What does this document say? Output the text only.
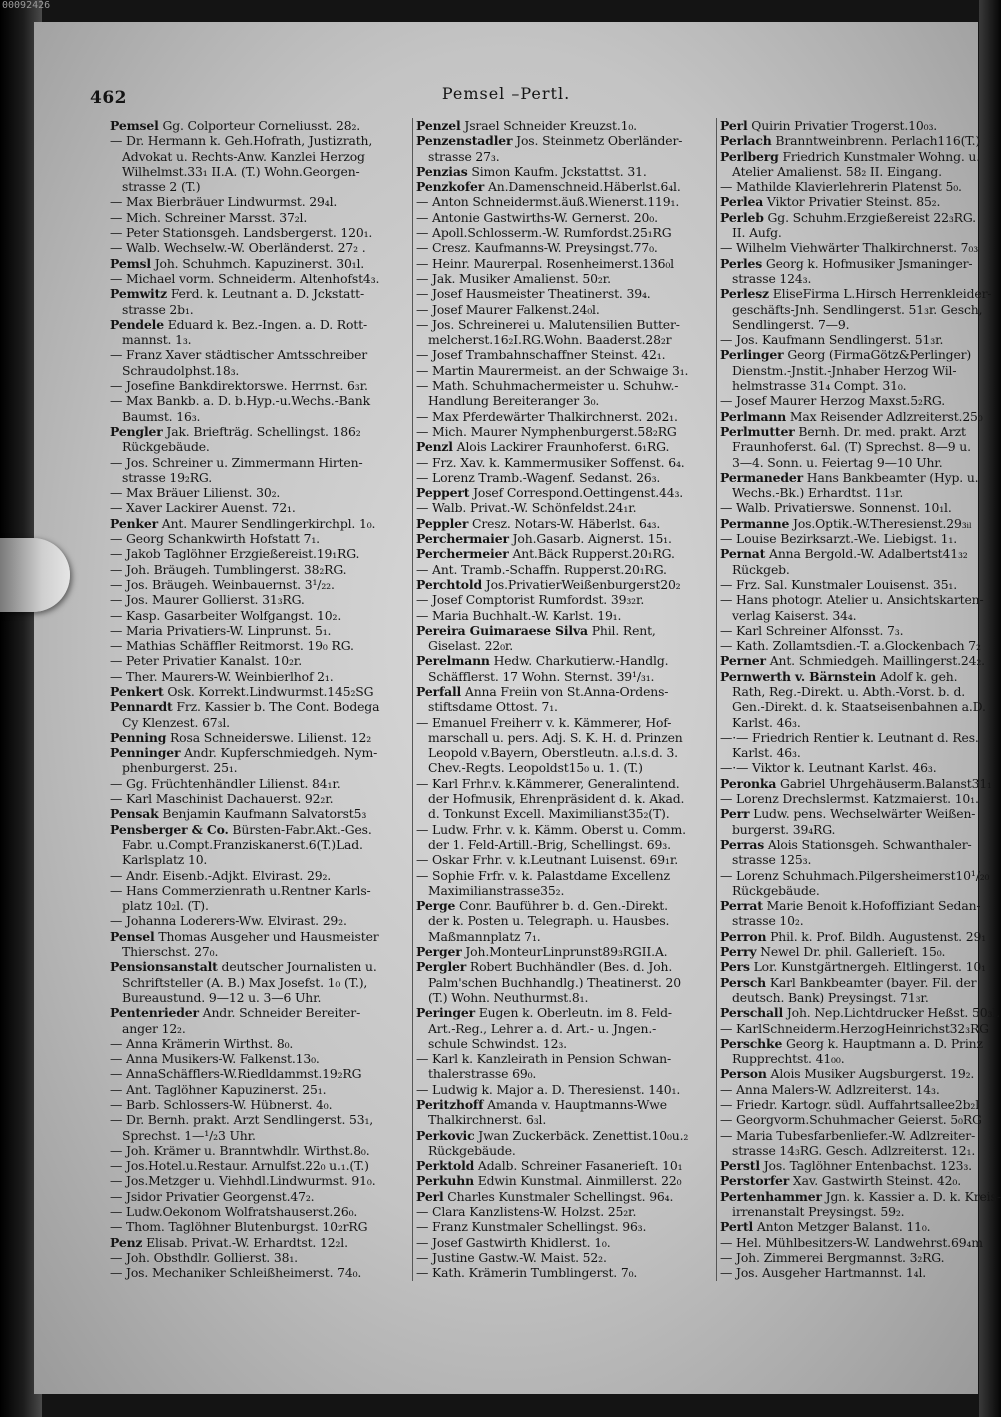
462	Pemsel –Pertl.
Pemsel Gg. Colporteur Corneliusst. 28₂.
— Dr. Hermann k. Geh.Hofrath, Justizrath,
Advokat u. Rechts-Anw. Kanzlei Herzog
Wilhelmst.33₁ II.A. (T.) Wohn.Georgen-
strasse 2 (T.)
— Max Bierbräuer Lindwurmst. 29₄l.
— Mich. Schreiner Marsst. 37₂l.
— Peter Stationsgeh. Landsbergerst. 120₁.
— Walb. Wechselw.-W. Oberländerst. 27₂ .
Pemsl Joh. Schuhmch. Kapuzinerst. 30₁l.
— Michael vorm. Schneiderm. Altenhofst4₃.
Pemwitz Ferd. k. Leutnant a. D. Jckstatt-
strasse 2b₁.
Pendele Eduard k. Bez.-Ingen. a. D. Rott-
mannst. 1₃.
— Franz Xaver städtischer Amtsschreiber
Schraudolphst.18₃.
— Josefine Bankdirektorswe. Herrnst. 6₃r.
— Max Bankb. a. D. b.Hyp.-u.Wechs.-Bank
Baumst. 16₃.
Pengler Jak. Briefträg. Schellingst. 186₂
Rückgebäude.
— Jos. Schreiner u. Zimmermann Hirten-
strasse 19₂RG.
— Max Bräuer Lilienst. 30₂.
— Xaver Lackirer Auenst. 72₁.
Penker Ant. Maurer Sendlingerkirchpl. 1₀.
— Georg Schankwirth Hofstatt 7₁.
— Jakob Taglöhner Erzgießereist.19₁RG.
— Joh. Bräugeh. Tumblingerst. 38₂RG.
— Jos. Bräugeh. Weinbauernst. 3¹/₂₂.
— Jos. Maurer Gollierst. 31₃RG.
— Kasp. Gasarbeiter Wolfgangst. 10₂.
— Maria Privatiers-W. Linprunst. 5₁.
— Mathias Schäffler Reitmorst. 19₀ RG.
— Peter Privatier Kanalst. 10₂r.
— Ther. Maurers-W. Weinbierlhof 2₁.
Penkert Osk. Korrekt.Lindwurmst.145₂SG
Pennardt Frz. Kassier b. The Cont. Bodega
Cy Klenzest. 67₃l.
Penning Rosa Schneiderswe. Lilienst. 12₂
Penninger Andr. Kupferschmiedgeh. Nym-
phenburgerst. 25₁.
— Gg. Früchtenhändler Lilienst. 84₁r.
— Karl Maschinist Dachauerst. 92₂r.
Pensak Benjamin Kaufmann Salvatorst5₃
Pensberger & Co. Bürsten-Fabr.Akt.-Ges.
Fabr. u.Compt.Franziskanerst.6(T.)Lad.
Karlsplatz 10.
— Andr. Eisenb.-Adjkt. Elvirast. 29₂.
— Hans Commerzienrath u.Rentner Karls-
platz 10₂l. (T).
— Johanna Loderers-Ww. Elvirast. 29₂.
Pensel Thomas Ausgeher und Hausmeister
Thierschst. 27₀.
Pensionsanstalt deutscher Journalisten u.
Schriftsteller (A. B.) Max Josefst. 1₀ (T.),
Bureaustund. 9—12 u. 3—6 Uhr.
Pentenrieder Andr. Schneider Bereiter-
anger 12₂.
— Anna Krämerin Wirthst. 8₀.
— Anna Musikers-W. Falkenst.13₀.
— AnnaSchäfflers-W.Riedldammst.19₂RG
— Ant. Taglöhner Kapuzinerst. 25₁.
— Barb. Schlossers-W. Hübnerst. 4₀.
— Dr. Bernh. prakt. Arzt Sendlingerst. 53₁,
Sprechst. 1—¹/₂3 Uhr.
— Joh. Krämer u. Branntwhdlr. Wirthst.8₀.
— Jos.Hotel.u.Restaur. Arnulfst.22₀ u.₁.(T.)
— Jos.Metzger u. Viehhdl.Lindwurmst. 91₀.
— Jsidor Privatier Georgenst.47₂.
— Ludw.Oekonom Wolfratshauserst.26₀.
— Thom. Taglöhner Blutenburgst. 10₂rRG
Penz Elisab. Privat.-W. Erhardtst. 12₂l.
— Joh. Obsthdlr. Gollierst. 38₁.
— Jos. Mechaniker Schleißheimerst. 74₀.
Penzel Jsrael Schneider Kreuzst.1₀.
Penzenstadler Jos. Steinmetz Oberländer-
strasse 27₃.
Penzias Simon Kaufm. Jckstattst. 31.
Penzkofer An.Damenschneid.Häberlst.6₄l.
— Anton Schneidermst.äuß.Wienerst.119₁.
— Antonie Gastwirths-W. Gernerst. 20₀.
— Apoll.Schlosserm.-W. Rumfordst.25₁RG
— Cresz. Kaufmanns-W. Preysingst.77₀.
— Heinr. Maurerpal. Rosenheimerst.136₀l
— Jak. Musiker Amalienst. 50₂r.
— Josef Hausmeister Theatinerst. 39₄.
— Josef Maurer Falkenst.24₀l.
— Jos. Schreinerei u. Malutensilien Butter-
melcherst.16₂I.RG.Wohn. Baaderst.28₂r
— Josef Trambahnschaffner Steinst. 42₁.
— Martin Maurermeist. an der Schwaige 3₁.
— Math. Schuhmachermeister u. Schuhw.-
Handlung Bereiteranger 3₀.
— Max Pferdewärter Thalkirchnerst. 202₁.
— Mich. Maurer Nymphenburgerst.58₂RG
Penzl Alois Lackirer Fraunhoferst. 6₁RG.
— Frz. Xav. k. Kammermusiker Soffenst. 6₄.
— Lorenz Tramb.-Wagenf. Sedanst. 26₃.
Peppert Josef Correspond.Oettingenst.44₃.
— Walb. Privat.-W. Schönfeldst.24₁r.
Peppler Cresz. Notars-W. Häberlst. 6₄₃.
Perchermaier Joh.Gasarb. Aignerst. 15₁.
Perchermeier Ant.Bäck Rupperst.20₁RG.
— Ant. Tramb.-Schaffn. Rupperst.20₁RG.
Perchtold Jos.PrivatierWeißenburgerst20₂
— Josef Comptorist Rumfordst. 39₃₂r.
— Maria Buchhalt.-W. Karlst. 19₁.
Pereira Guimaraese Silva Phil. Rent,
Giselast. 22₀r.
Perelmann Hedw. Charkutierw.-Handlg.
Schäfflerst. 17 Wohn. Sternst. 39¹/₃₁.
Perfall Anna Freiin von St.Anna-Ordens-
stiftsdame Ottost. 7₁.
— Emanuel Freiherr v. k. Kämmerer, Hof-
marschall u. pers. Adj. S. K. H. d. Prinzen
Leopold v.Bayern, Oberstleutn. a.l.s.d. 3.
Chev.-Regts. Leopoldst15₀ u. 1. (T.)
— Karl Frhr.v. k.Kämmerer, Generalintend.
der Hofmusik, Ehrenpräsident d. k. Akad.
d. Tonkunst Excell. Maximilianst35₂(T).
— Ludw. Frhr. v. k. Kämm. Oberst u. Comm.
der 1. Feld-Artill.-Brig, Schellingst. 69₃.
— Oskar Frhr. v. k.Leutnant Luisenst. 69₁r.
— Sophie Frfr. v. k. Palastdame Excellenz
Maximilianstrasse35₂.
Perge Conr. Bauführer b. d. Gen.-Direkt.
der k. Posten u. Telegraph. u. Hausbes.
Maßmannplatz 7₁.
Perger Joh.MonteurLinprunst89₃RGII.A.
Pergler Robert Buchhändler (Bes. d. Joh.
Palm'schen Buchhandlg.) Theatinerst. 20
(T.) Wohn. Neuthurmst.8₁.
Peringer Eugen k. Oberleutn. im 8. Feld-
Art.-Reg., Lehrer a. d. Art.- u. Jngen.-
schule Schwindst. 12₃.
— Karl k. Kanzleirath in Pension Schwan-
thalerstrasse 69₀.
— Ludwig k. Major a. D. Theresienst. 140₁.
Peritzhoff Amanda v. Hauptmanns-Wwe
Thalkirchnerst. 6₃l.
Perkovic Jwan Zuckerbäck. Zenettist.10₀u.₂
Rückgebäude.
Perktold Adalb. Schreiner Fasanerieſt. 10₁
Perkuhn Edwin Kunstmal. Ainmillerst. 22₀
Perl Charles Kunstmaler Schellingst. 96₄.
— Clara Kanzlistens-W. Holzst. 25₂r.
— Franz Kunstmaler Schellingst. 96₃.
— Josef Gastwirth Khidlerst. 1₀.
— Justine Gastw.-W. Maist. 52₂.
— Kath. Krämerin Tumblingerst. 7₀.
Perl Quirin Privatier Trogerst.10₀₃.
Perlach Branntweinbrenn. Perlach116(T.)
Perlberg Friedrich Kunstmaler Wohng. u.
Atelier Amalienst. 58₂ II. Eingang.
— Mathilde Klavierlehrerin Platenst 5₀.
Perlea Viktor Privatier Steinst. 85₂.
Perleb Gg. Schuhm.Erzgießereist 22₃RG.
II. Aufg.
— Wilhelm Viehwärter Thalkirchnerst. 7₀₃
Perles Georg k. Hofmusiker Jsmaninger-
strasse 124₃.
Perlesz EliseFirma L.Hirsch Herrenkleider-
geschäfts-Jnh. Sendlingerst. 51₃r. Gesch,
Sendlingerst. 7—9.
— Jos. Kaufmann Sendlingerst. 51₃r.
Perlinger Georg (FirmaGötz&Perlinger)
Dienstm.-Jnstit.-Jnhaber Herzog Wil-
helmstrasse 31₄ Compt. 31₀.
— Josef Maurer Herzog Maxst.5₂RG.
Perlmann Max Reisender Adlzreiterst.25₀
Perlmutter Bernh. Dr. med. prakt. Arzt
Fraunhoferst. 6₄l. (T) Sprechst. 8—9 u.
3—4. Sonn. u. Feiertag 9—10 Uhr.
Permaneder Hans Bankbeamter (Hyp. u.
Wechs.-Bk.) Erhardtst. 11₃r.
— Walb. Privatierswe. Sonnenst. 10₁l.
Permanne Jos.Optik.-W.Theresienst.29₃ᵢₗ
— Louise Bezirksarzt.-We. Liebigst. 1₁.
Pernat Anna Bergold.-W. Adalbertst41₃₂
Rückgeb.
— Frz. Sal. Kunstmaler Louisenst. 35₁.
— Hans photogr. Atelier u. Ansichtskarten-
verlag Kaiserst. 34₄.
— Karl Schreiner Alfonsst. 7₃.
— Kath. Zollamtsdien.-T. a.Glockenbach 7₂
Perner Ant. Schmiedgeh. Maillingerst.24₂.
Pernwerth v. Bärnstein Adolf k. geh.
Rath, Reg.-Direkt. u. Abth.-Vorst. b. d.
Gen.-Direkt. d. k. Staatseisenbahnen a.D.
Karlst. 46₃.
—·— Friedrich Rentier k. Leutnant d. Res.
Karlst. 46₃.
—·— Viktor k. Leutnant Karlst. 46₃.
Peronka Gabriel Uhrgehäuserm.Balanst31₁
— Lorenz Drechslermst. Katzmaierst. 10₁.
Perr Ludw. pens. Wechselwärter Weißen-
burgerst. 39₄RG.
Perras Alois Stationsgeh. Schwanthaler-
strasse 125₃.
— Lorenz Schuhmach.Pilgersheimerst10¹/₂₀
Rückgebäude.
Perrat Marie Benoit k.Hofoffiziant Sedan-
strasse 10₂.
Perron Phil. k. Prof. Bildh. Augustenst. 29₁
Perry Newel Dr. phil. Gallerieſt. 15₀.
Pers Lor. Kunstgärtnergeh. Eltlingerst. 10₁
Persch Karl Bankbeamter (bayer. Fil. der
deutsch. Bank) Preysingst. 71₃r.
Perschall Joh. Nep.Lichtdrucker Heßst. 50₃l.
— KarlSchneiderm.HerzogHeinrichst32₃RG
Perschke Georg k. Hauptmann a. D. Prinz
Rupprechtst. 41₀₀.
Person Alois Musiker Augsburgerst. 19₂.
— Anna Malers-W. Adlzreiterst. 14₃.
— Friedr. Kartogr. südl. Auffahrtsallee2b₂l
— Georgvorm.Schuhmacher Geierst. 5₀RG
— Maria Tubesfarbenliefer.-W. Adlzreiter-
strasse 14₃RG. Gesch. Adlzreiterst. 12₁.
Perstl Jos. Taglöhner Entenbachst. 123₃.
Perstorfer Xav. Gastwirth Steinst. 42₀.
Pertenhammer Jgn. k. Kassier a. D. k. Kreis-
irrenanstalt Preysingst. 59₂.
Pertl Anton Metzger Balanst. 11₀.
— Hel. Mühlbesitzers-W. Landwehrst.69₄m
— Joh. Zimmerei Bergmannst. 3₂RG.
— Jos. Ausgeher Hartmannst. 1₄l.
00092426
